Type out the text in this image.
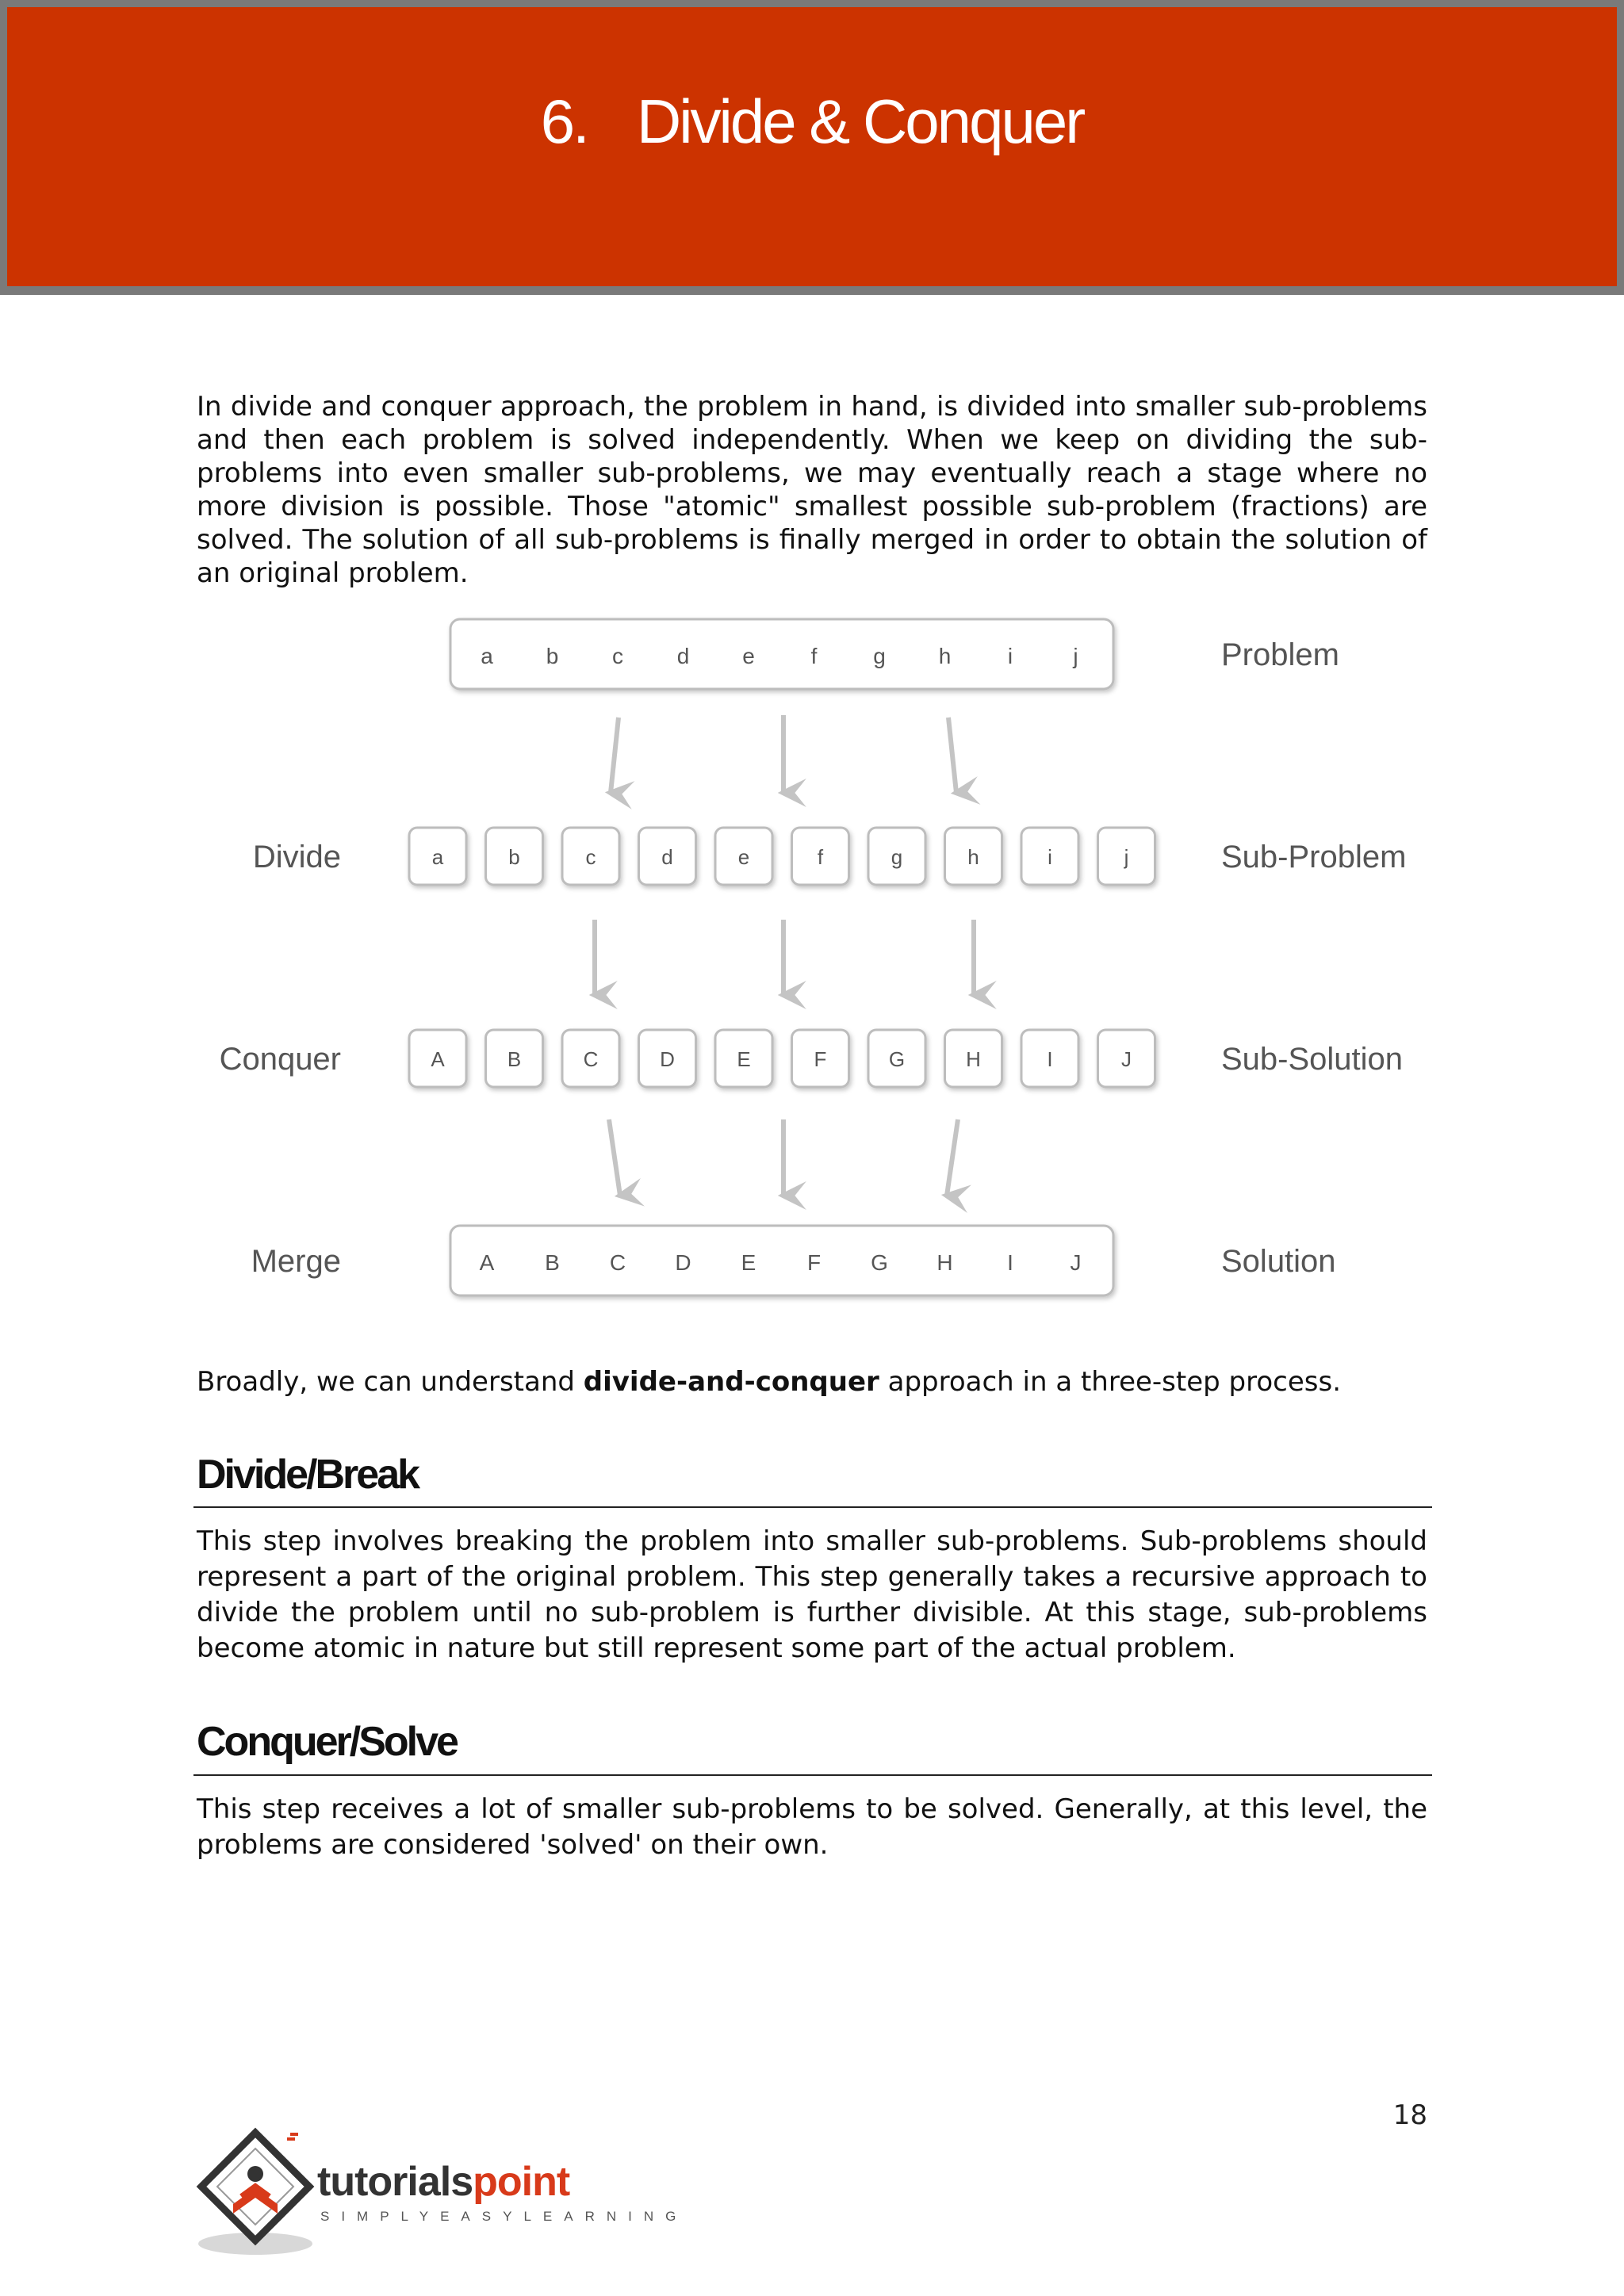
6. Divide & Conquer

In divide and conquer approach, the problem in hand, is divided into smaller sub-problems and then each problem is solved independently. When we keep on dividing the sub-problems into even smaller sub-problems, we may eventually reach a stage where no more division is possible. Those "atomic" smallest possible sub-problem (fractions) are solved. The solution of all sub-problems is finally merged in order to obtain the solution of an original problem.

a b c d e	f	g h	i	j	Problem
a	b	c	d	e	f	g	h	i	j
Divide	Sub-Problem
A	B	C	D	E	F	G	H	I	J
Conquer	Sub-Solution
A B C D E F G H I	J
Merge	Solution

Broadly, we can understand divide-and-conquer approach in a three-step process.

Divide/Break

This step involves breaking the problem into smaller sub-problems. Sub-problems should represent a part of the original problem. This step generally takes a recursive approach to divide the problem until no sub-problem is further divisible. At this stage, sub-problems become atomic in nature but still represent some part of the actual problem.

Conquer/Solve

This step receives a lot of smaller sub-problems to be solved. Generally, at this level, the problems are considered 'solved' on their own.

18
tutorialspoint
SIMPLYEASYLEARNING
